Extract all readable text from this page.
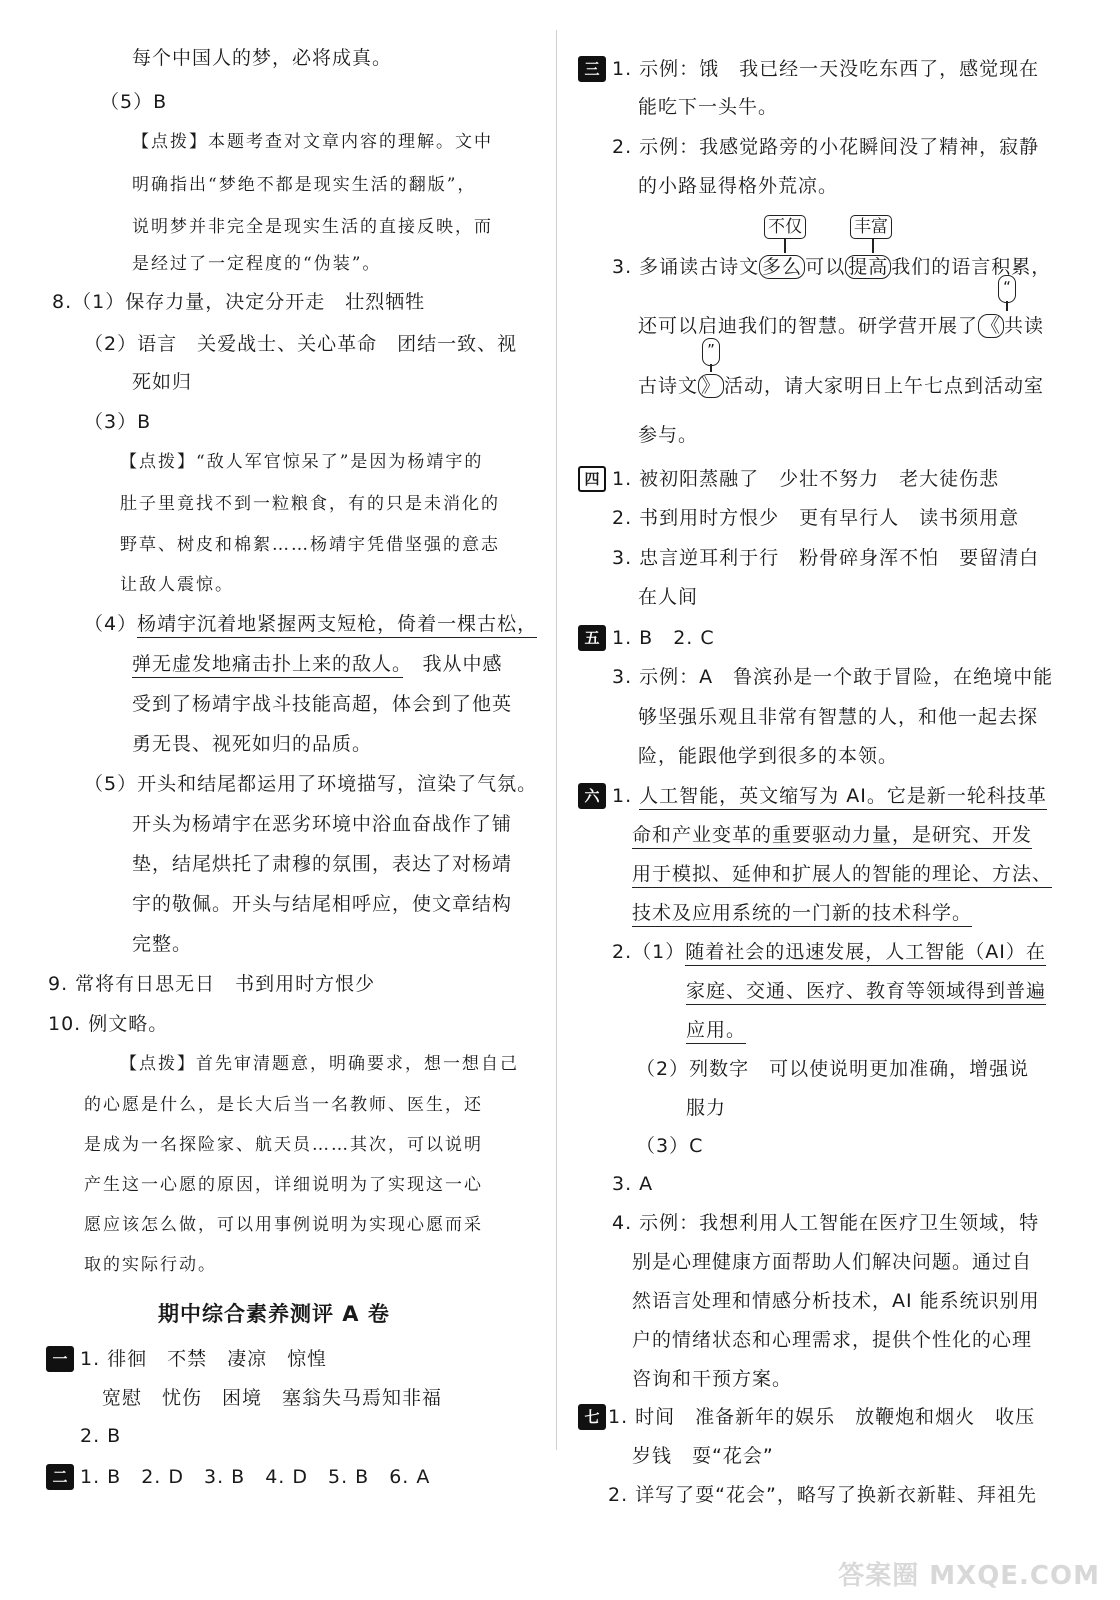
每个中国人的梦，必将成真。
（5）B
【点拨】本题考查对文章内容的理解。文中
明确指出“梦绝不都是现实生活的翻版”，
说明梦并非完全是现实生活的直接反映，而
是经过了一定程度的“伪装”。
8.（1）保存力量，决定分开走　壮烈牺牲
（2）语言　关爱战士、关心革命　团结一致、视
死如归
（3）B
【点拨】“敌人军官惊呆了”是因为杨靖宇的
肚子里竟找不到一粒粮食，有的只是未消化的
野草、树皮和棉絮……杨靖宇凭借坚强的意志
让敌人震惊。
（4）杨靖宇沉着地紧握两支短枪，倚着一棵古松，
弹无虚发地痛击扑上来的敌人。　我从中感
受到了杨靖宇战斗技能高超，体会到了他英
勇无畏、视死如归的品质。
（5）开头和结尾都运用了环境描写，渲染了气氛。
开头为杨靖宇在恶劣环境中浴血奋战作了铺
垫，结尾烘托了肃穆的氛围，表达了对杨靖
宇的敬佩。开头与结尾相呼应，使文章结构
完整。
9. 常将有日思无日　书到用时方恨少
10. 例文略。
【点拨】首先审清题意，明确要求，想一想自己
的心愿是什么，是长大后当一名教师、医生，还
是成为一名探险家、航天员……其次，可以说明
产生这一心愿的原因，详细说明为了实现这一心
愿应该怎么做，可以用事例说明为实现心愿而采
取的实际行动。
期中综合素养测评 A 卷
一 1. 徘徊　不禁　凄凉　惊惶
宽慰　忧伤　困境　塞翁失马焉知非福
2. B
二 1. B　2. D　3. B　4. D　5. B　6. A
三 1. 示例：饿　我已经一天没吃东西了，感觉现在
能吃下一头牛。
2. 示例：我感觉路旁的小花瞬间没了精神，寂静
的小路显得格外荒凉。
不仅	丰富
3. 多诵读古诗文 多么 可以 提高 我们的语言积累，
“
还可以启迪我们的智慧。研学营开展了 《 共读
”
古诗文 》 活动，请大家明日上午七点到活动室
参与。
四 1. 被初阳蒸融了　少壮不努力　老大徒伤悲
2. 书到用时方恨少　更有早行人　读书须用意
3. 忠言逆耳利于行　粉骨碎身浑不怕　要留清白
在人间
五 1. B　2. C
3. 示例：A　鲁滨孙是一个敢于冒险，在绝境中能
够坚强乐观且非常有智慧的人，和他一起去探
险，能跟他学到很多的本领。
六 1. 人工智能，英文缩写为 AI。它是新一轮科技革
命和产业变革的重要驱动力量，是研究、开发
用于模拟、延伸和扩展人的智能的理论、方法、
技术及应用系统的一门新的技术科学。
2.（1）随着社会的迅速发展，人工智能（AI）在
家庭、交通、医疗、教育等领域得到普遍
应用。
（2）列数字　可以使说明更加准确，增强说
服力
（3）C
3. A
4. 示例：我想利用人工智能在医疗卫生领域，特
别是心理健康方面帮助人们解决问题。通过自
然语言处理和情感分析技术，AI 能系统识别用
户的情绪状态和心理需求，提供个性化的心理
咨询和干预方案。
七 1. 时间　准备新年的娱乐　放鞭炮和烟火　收压
岁钱　耍“花会”
2. 详写了耍“花会”，略写了换新衣新鞋、拜祖先
答案圈 MXQE.COM
